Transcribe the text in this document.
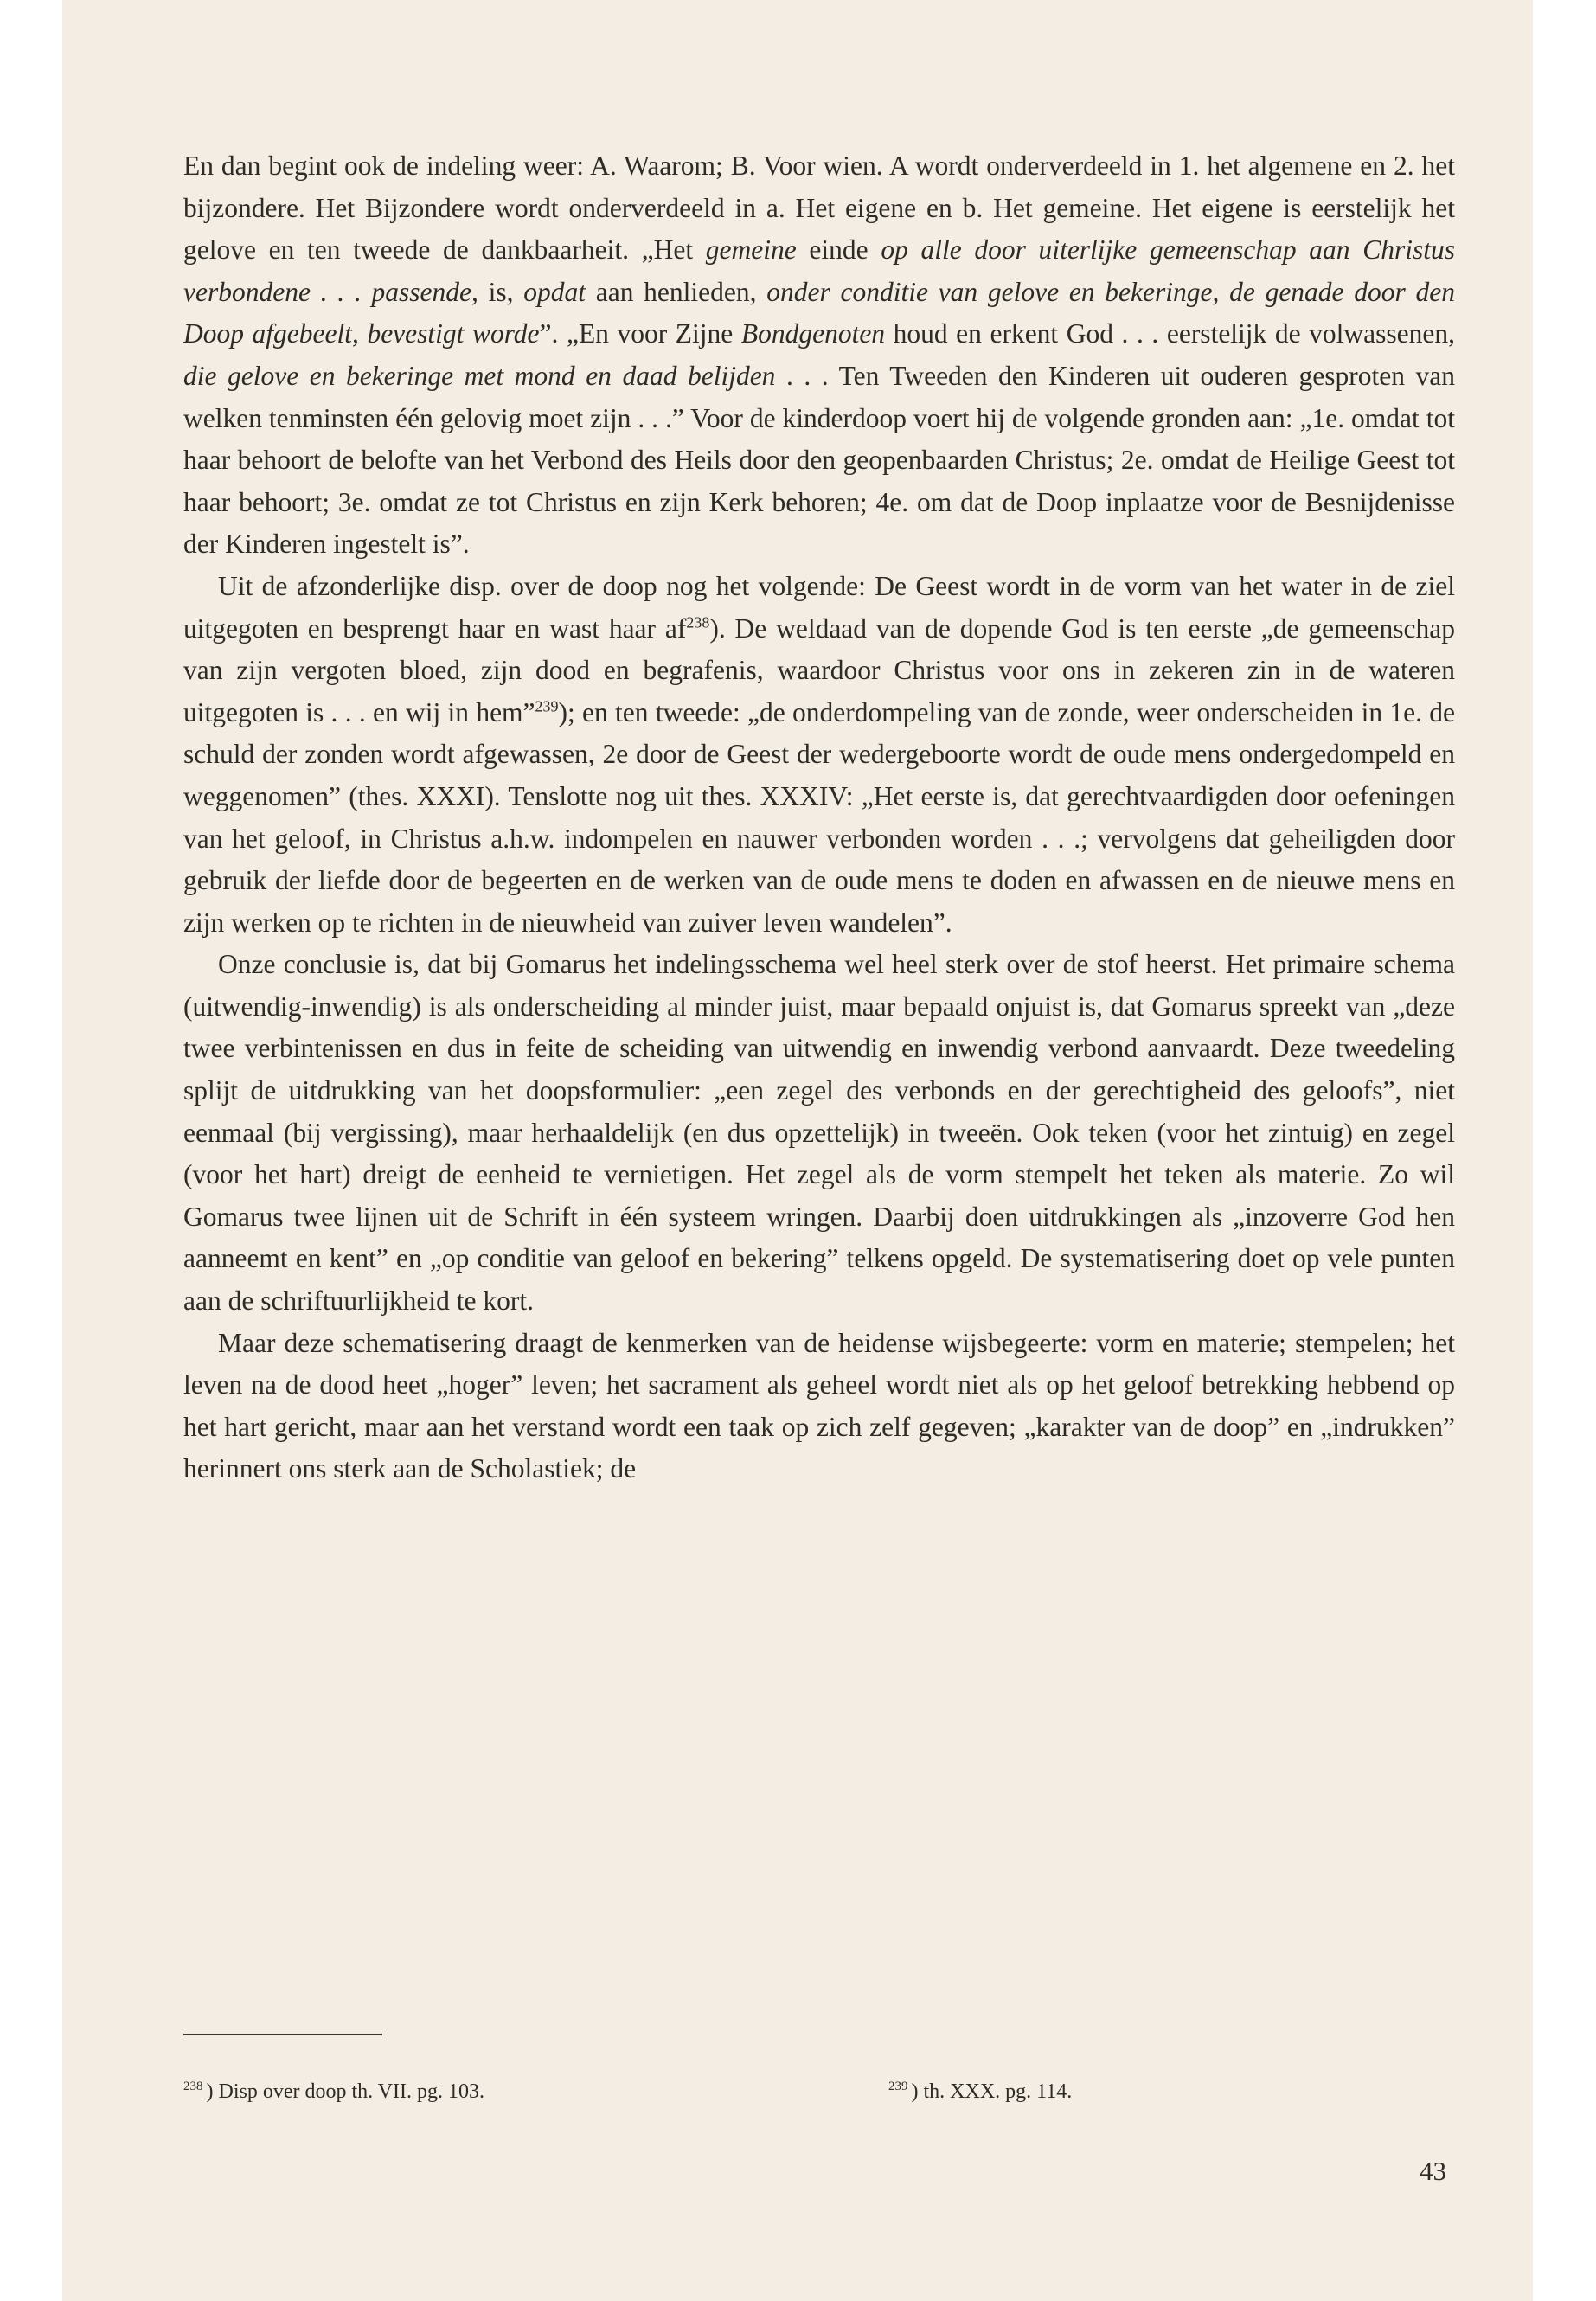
En dan begint ook de indeling weer: A. Waarom; B. Voor wien. A wordt onderverdeeld in 1. het algemene en 2. het bijzondere. Het Bijzondere wordt onderverdeeld in a. Het eigene en b. Het gemeine. Het eigene is eerstelijk het gelove en ten tweede de dankbaarheit. „Het gemeine einde op alle door uiterlijke gemeenschap aan Christus verbondene . . . passende, is, opdat aan henlieden, onder conditie van gelove en bekeringe, de genade door den Doop afgebeelt, bevestigt worde”. „En voor Zijne Bondgenoten houd en erkent God . . . eerstelijk de volwassenen, die gelove en bekeringe met mond en daad belijden . . . Ten Tweeden den Kinderen uit ouderen gesproten van welken tenminsten één gelovig moet zijn . . .” Voor de kinderdoop voert hij de volgende gronden aan: „1e. omdat tot haar behoort de belofte van het Verbond des Heils door den geopenbaarden Christus; 2e. omdat de Heilige Geest tot haar behoort; 3e. omdat ze tot Christus en zijn Kerk behoren; 4e. om dat de Doop inplaatze voor de Besnijdenisse der Kinderen ingestelt is”.

Uit de afzonderlijke disp. over de doop nog het volgende: De Geest wordt in de vorm van het water in de ziel uitgegoten en besprengt haar en wast haar $af^{238}$). De weldaad van de dopende God is ten eerste „de gemeenschap van zijn vergoten bloed, zijn dood en begrafenis, waardoor Christus voor ons in zekeren zin in de wateren uitgegoten is . . . en wij in hem”$^{239}$); en ten tweede: „de onderdompeling van de zonde, weer onderscheiden in 1e. de schuld der zonden wordt afgewassen, 2e door de Geest der wedergeboorte wordt de oude mens ondergedompeld en weggenomen” (thes. XXXI). Tenslotte nog uit thes. XXXIV: „Het eerste is, dat gerechtvaardigden door oefeningen van het geloof, in Christus a.h.w. indompelen en nauwer verbonden worden . . .; vervolgens dat geheiligden door gebruik der liefde door de begeerten en de werken van de oude mens te doden en afwassen en de nieuwe mens en zijn werken op te richten in de nieuwheid van zuiver leven wandelen”.

Onze conclusie is, dat bij Gomarus het indelingsschema wel heel sterk over de stof heerst. Het primaire schema (uitwendig-inwendig) is als onderscheiding al minder juist, maar bepaald onjuist is, dat Gomarus spreekt van „deze twee verbintenissen en dus in feite de scheiding van uitwendig en inwendig verbond aanvaardt. Deze tweedeling splijt de uitdrukking van het doopsformulier: „een zegel des verbonds en der gerechtigheid des geloofs”, niet eenmaal (bij vergissing), maar herhaaldelijk (en dus opzettelijk) in tweeën. Ook teken (voor het zintuig) en zegel (voor het hart) dreigt de eenheid te vernietigen. Het zegel als de vorm stempelt het teken als materie. Zo wil Gomarus twee lijnen uit de Schrift in één systeem wringen. Daarbij doen uitdrukkingen als „inzoverre God hen aanneemt en kent” en „op conditie van geloof en bekering” telkens opgeld. De systematisering doet op vele punten aan de schriftuurlijkheid te kort.

Maar deze schematisering draagt de kenmerken van de heidense wijsbegeerte: vorm en materie; stempelen; het leven na de dood heet „hoger” leven; het sacrament als geheel wordt niet als op het geloof betrekking hebbend op het hart gericht, maar aan het verstand wordt een taak op zich zelf gegeven; „karakter van de doop” en „indrukken” herinnert ons sterk aan de Scholastiek; de

$^{238}$ ) Disp over doop th. VII. pg. 103.	$^{239}$ ) th. XXX. pg. 114.
43
